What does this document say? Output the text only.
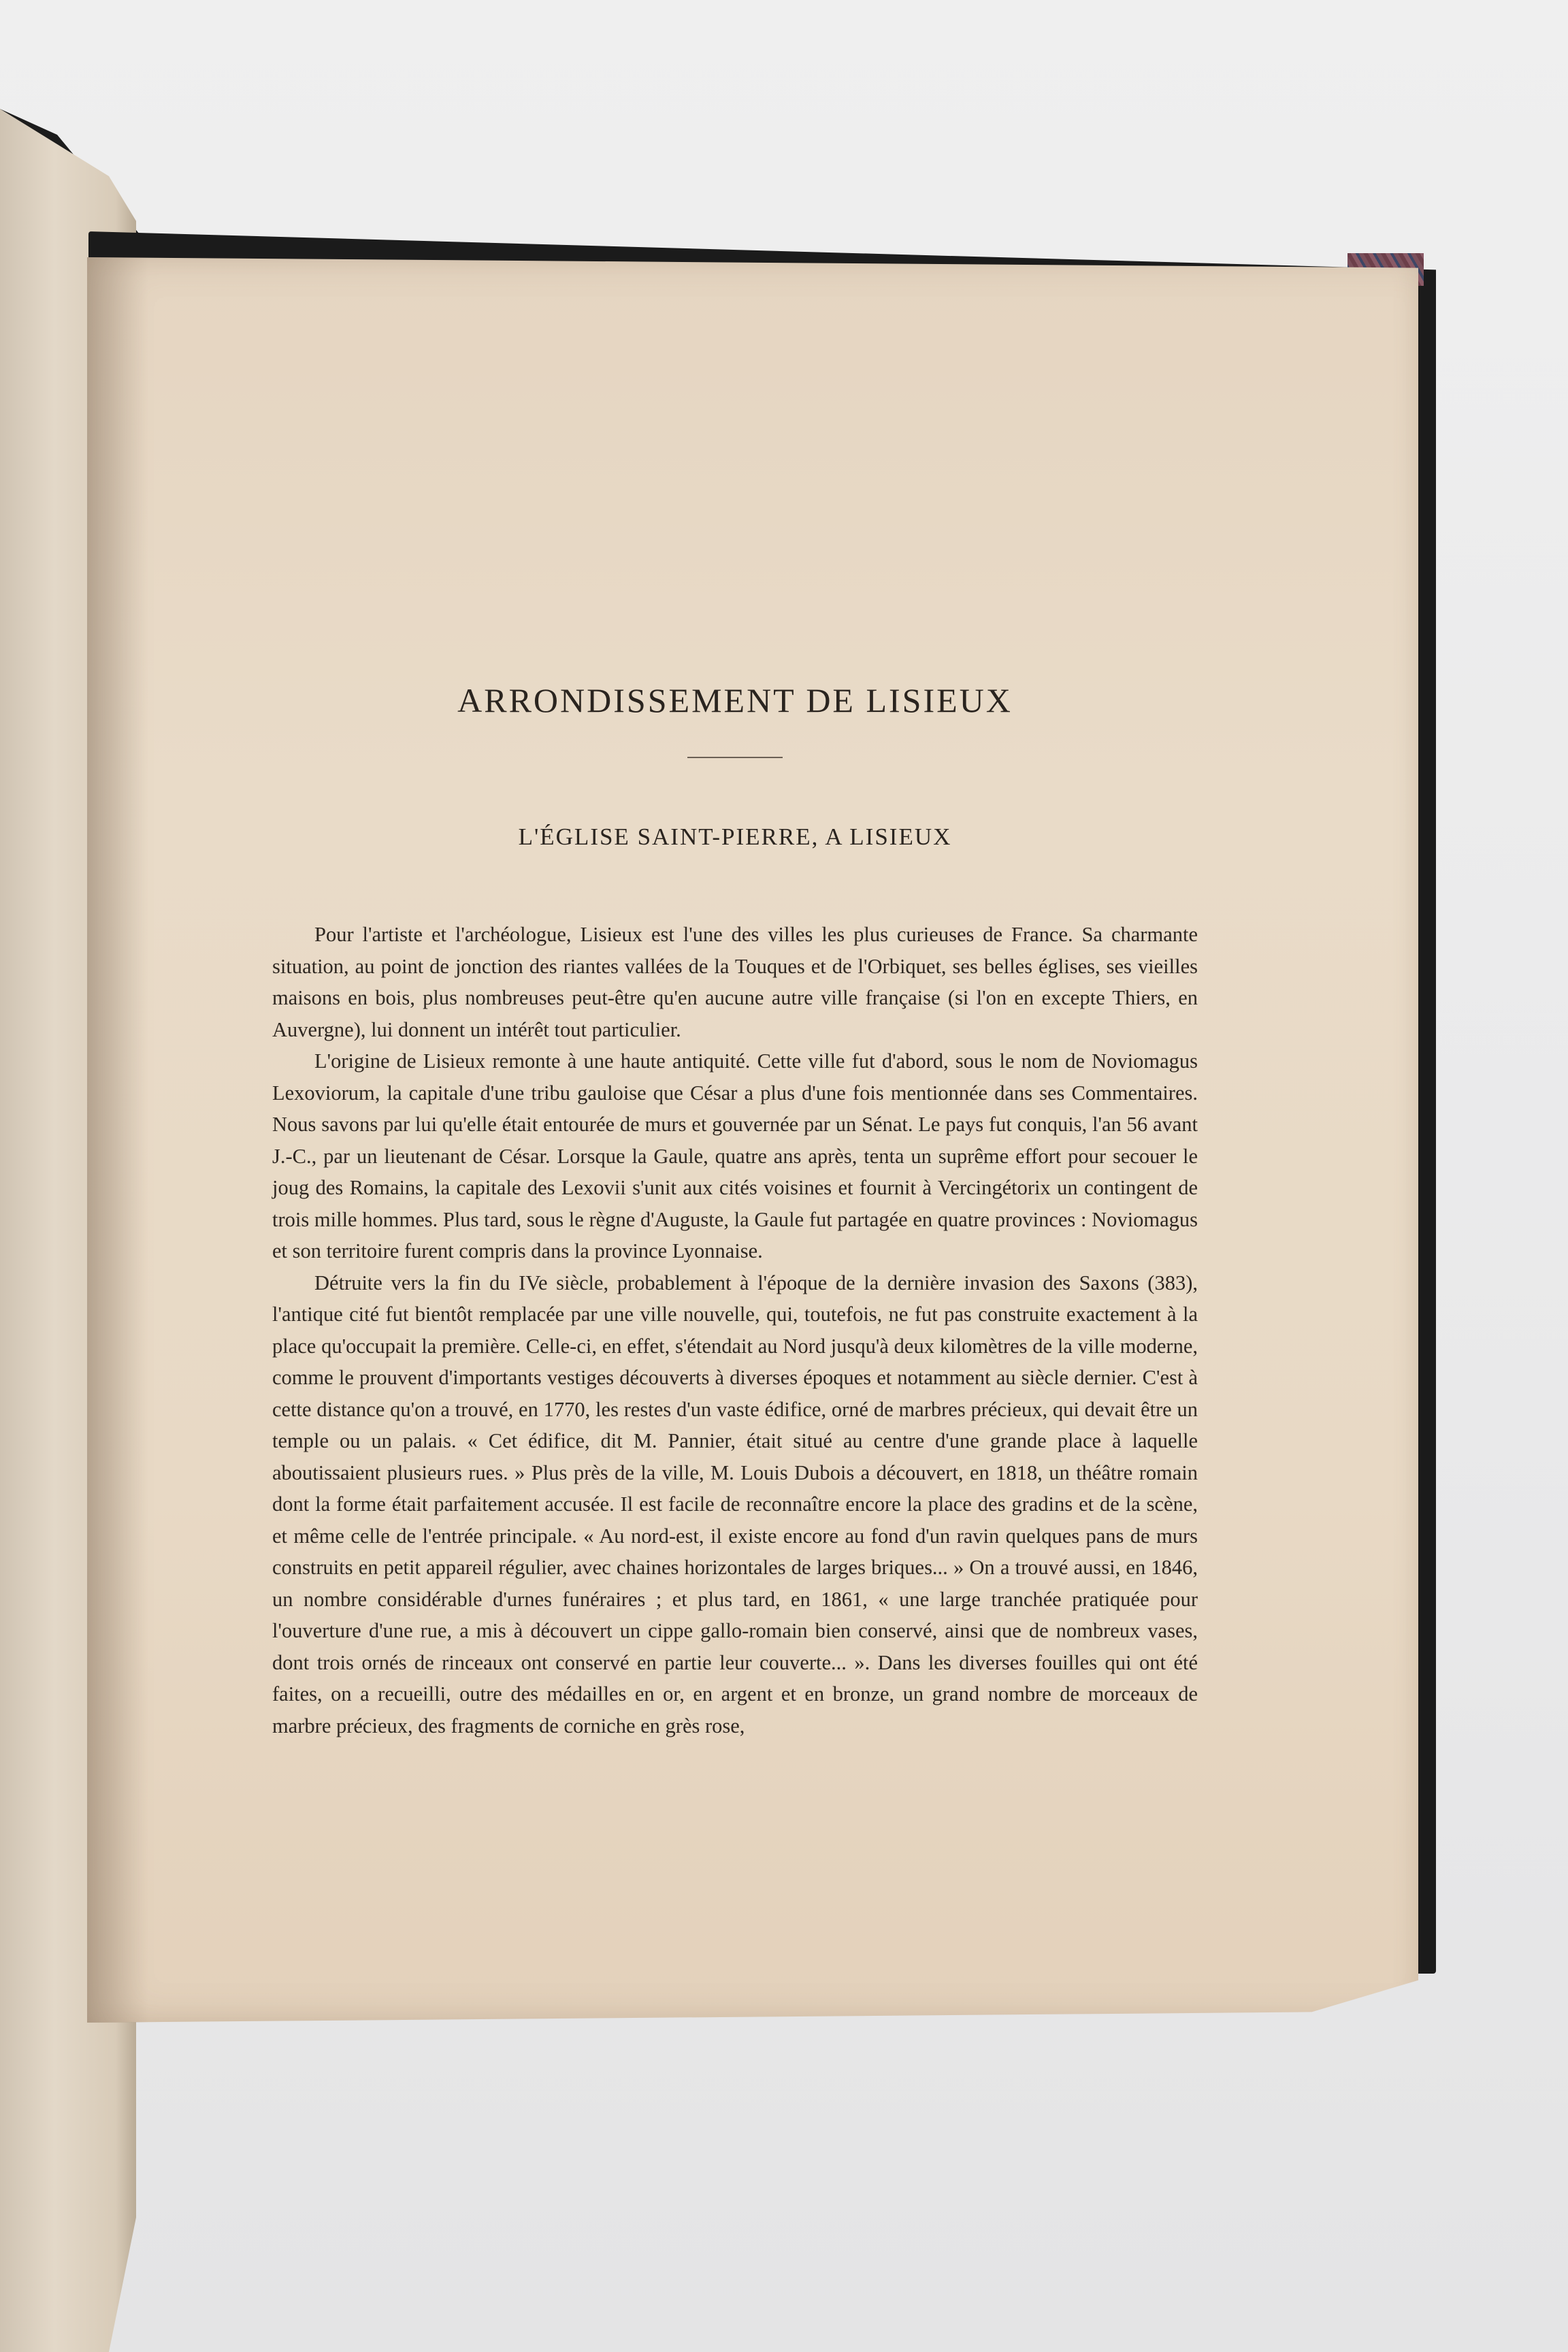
ARRONDISSEMENT DE LISIEUX
L'ÉGLISE SAINT-PIERRE, A LISIEUX

Pour l'artiste et l'archéologue, Lisieux est l'une des villes les plus curieuses de France. Sa charmante situation, au point de jonction des riantes vallées de la Touques et de l'Orbiquet, ses belles églises, ses vieilles maisons en bois, plus nombreuses peut-être qu'en aucune autre ville française (si l'on en excepte Thiers, en Auvergne), lui donnent un intérêt tout particulier.

L'origine de Lisieux remonte à une haute antiquité. Cette ville fut d'abord, sous le nom de Noviomagus Lexoviorum, la capitale d'une tribu gauloise que César a plus d'une fois mentionnée dans ses Commentaires. Nous savons par lui qu'elle était entourée de murs et gouvernée par un Sénat. Le pays fut conquis, l'an 56 avant J.-C., par un lieutenant de César. Lorsque la Gaule, quatre ans après, tenta un suprême effort pour secouer le joug des Romains, la capitale des Lexovii s'unit aux cités voisines et fournit à Vercingétorix un contingent de trois mille hommes. Plus tard, sous le règne d'Auguste, la Gaule fut partagée en quatre provinces : Noviomagus et son territoire furent compris dans la province Lyonnaise.

Détruite vers la fin du IVe siècle, probablement à l'époque de la dernière invasion des Saxons (383), l'antique cité fut bientôt remplacée par une ville nouvelle, qui, toutefois, ne fut pas construite exactement à la place qu'occupait la première. Celle-ci, en effet, s'étendait au Nord jusqu'à deux kilomètres de la ville moderne, comme le prouvent d'importants vestiges découverts à diverses époques et notamment au siècle dernier. C'est à cette distance qu'on a trouvé, en 1770, les restes d'un vaste édifice, orné de marbres précieux, qui devait être un temple ou un palais. « Cet édifice, dit M. Pannier, était situé au centre d'une grande place à laquelle aboutissaient plusieurs rues. » Plus près de la ville, M. Louis Dubois a découvert, en 1818, un théâtre romain dont la forme était parfaitement accusée. Il est facile de reconnaître encore la place des gradins et de la scène, et même celle de l'entrée principale. « Au nord-est, il existe encore au fond d'un ravin quelques pans de murs construits en petit appareil régulier, avec chaines horizontales de larges briques... » On a trouvé aussi, en 1846, un nombre considérable d'urnes funéraires ; et plus tard, en 1861, « une large tranchée pratiquée pour l'ouverture d'une rue, a mis à découvert un cippe gallo-romain bien conservé, ainsi que de nombreux vases, dont trois ornés de rinceaux ont conservé en partie leur couverte... ». Dans les diverses fouilles qui ont été faites, on a recueilli, outre des médailles en or, en argent et en bronze, un grand nombre de morceaux de marbre précieux, des fragments de corniche en grès rose,
